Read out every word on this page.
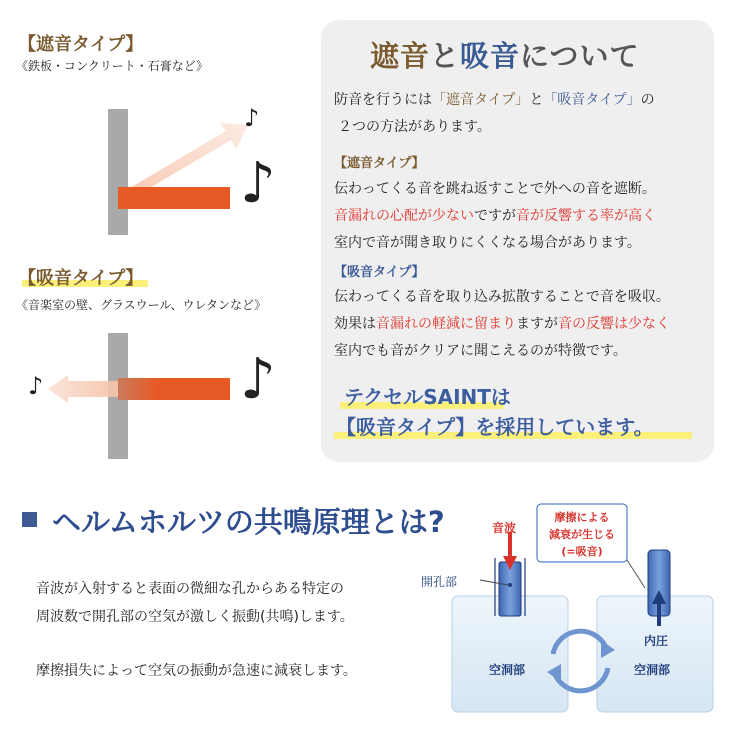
【遮音タイプ】
《鉄板・コンクリート・石膏など》
♪
♪
【吸音タイプ】
《音楽室の壁、グラスウール、ウレタンなど》
♪	♪
遮音と吸音について
防音を行うには「遮音タイプ」と「吸音タイプ」の
２つの方法があります。
【遮音タイプ】
伝わってくる音を跳ね返すことで外への音を遮断。
音漏れの心配が少ないですが音が反響する率が高く
室内で音が聞き取りにくくなる場合があります。
【吸音タイプ】
伝わってくる音を取り込み拡散することで音を吸収。
効果は音漏れの軽減に留まりますが音の反響は少なく
室内でも音がクリアに聞こえるのが特徴です。
テクセルSAINTは
【吸音タイプ】を採用しています。
ヘルムホルツの共鳴原理とは?
音波が入射すると表面の微細な孔からある特定の
周波数で開孔部の空気が激しく振動(共鳴)します。
摩擦損失によって空気の振動が急速に減衰します。
音波
開孔部
空洞部	空洞部
内圧
摩擦による
減衰が生じる
(=吸音)
